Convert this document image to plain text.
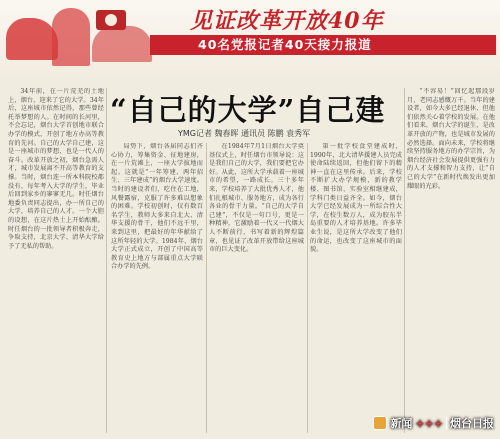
见证改革开放40年
40名党报记者40天接力报道

34年前，在一片荒芜的土地上，烟台，迎来了它的大学。34年后，这座城市依然记得，那些曾经托举梦想的人。在时间的长河里，不会忘记，烟台大学首创地市联合办学的模式，开创了地方办高等教育的先河。自己的大学自己建，这是一座城市的梦想，也是一代人的奋斗。改革开放之初，烟台急需人才，城市发展离不开高等教育的支撑。当时，烟台连一所本科院校都没有，每年考入大学的学生，毕业后回到家乡的寥寥无几。时任烟台地委负责同志提出，办一所自己的大学，培养自己的人才。一个大胆的设想，在这片热土上开始酝酿。时任烟台的一批领导者积极奔走，争取支持，北京大学、清华大学给予了无私的帮助。

“自己的大学”自己建
YMG记者 魏春晖 通讯员 陈鹏 袁秀军

局势下，烟台各届同志们齐心协力，筹集资金、征地建房，在一片荒滩上，一座大学拔地而起。这就是“一年筹建、两年招生、三年建成”的烟台大学速度。当时的建设者们，吃住在工地，风餐露宿，克服了许多难以想象的困难。学校初创时，仅有数百名学生，教师大多来自北大、清华支援的骨干，他们不远千里，来到这里，把最好的年华献给了这所年轻的大学。1984年，烟台大学正式成立，开创了中国高等教育史上地方与部属重点大学联合办学的先例。

在1984年7月1日烟台大学奠基仪式上，时任烟台市领导说：这是我们自己的大学，我们要把它办好。从此，这所大学承载着一座城市的希望，一路成长。三十多年来，学校培养了大批优秀人才，他们扎根城市、服务地方，成为各行各业的骨干力量。“自己的大学自己建”，不仅是一句口号，更是一种精神，它激励着一代又一代烟大人不断前行，书写着新的辉煌篇章，也见证了改革开放带给这座城市的巨大变化。

第一批学校食堂建成时，1990年，北大清华援建人员完成使命陆续返回，但他们留下的精神一直在这里传承。后来，学校不断扩大办学规模，新的教学楼、图书馆、实验室相继建成，学科门类日益齐全。如今，烟台大学已经发展成为一所综合性大学，在校生数万人，成为胶东半岛重要的人才培养基地。许多毕业生说，是这所大学改变了他们的命运，也改变了这座城市的面貌。

“不容易！”回忆起那段岁月，老同志感慨万千。当年的建设者，如今大多已经退休，但他们依然关心着学校的发展。在他们看来，烟台大学的诞生，是改革开放的产物，也是城市发展的必然选择。面向未来，学校将继续坚持服务地方的办学宗旨，为烟台经济社会发展提供更强有力的人才支撑和智力支持，让“自己的大学”在新时代焕发出更加耀眼的光彩。

新闻 +++ 烟台日报
